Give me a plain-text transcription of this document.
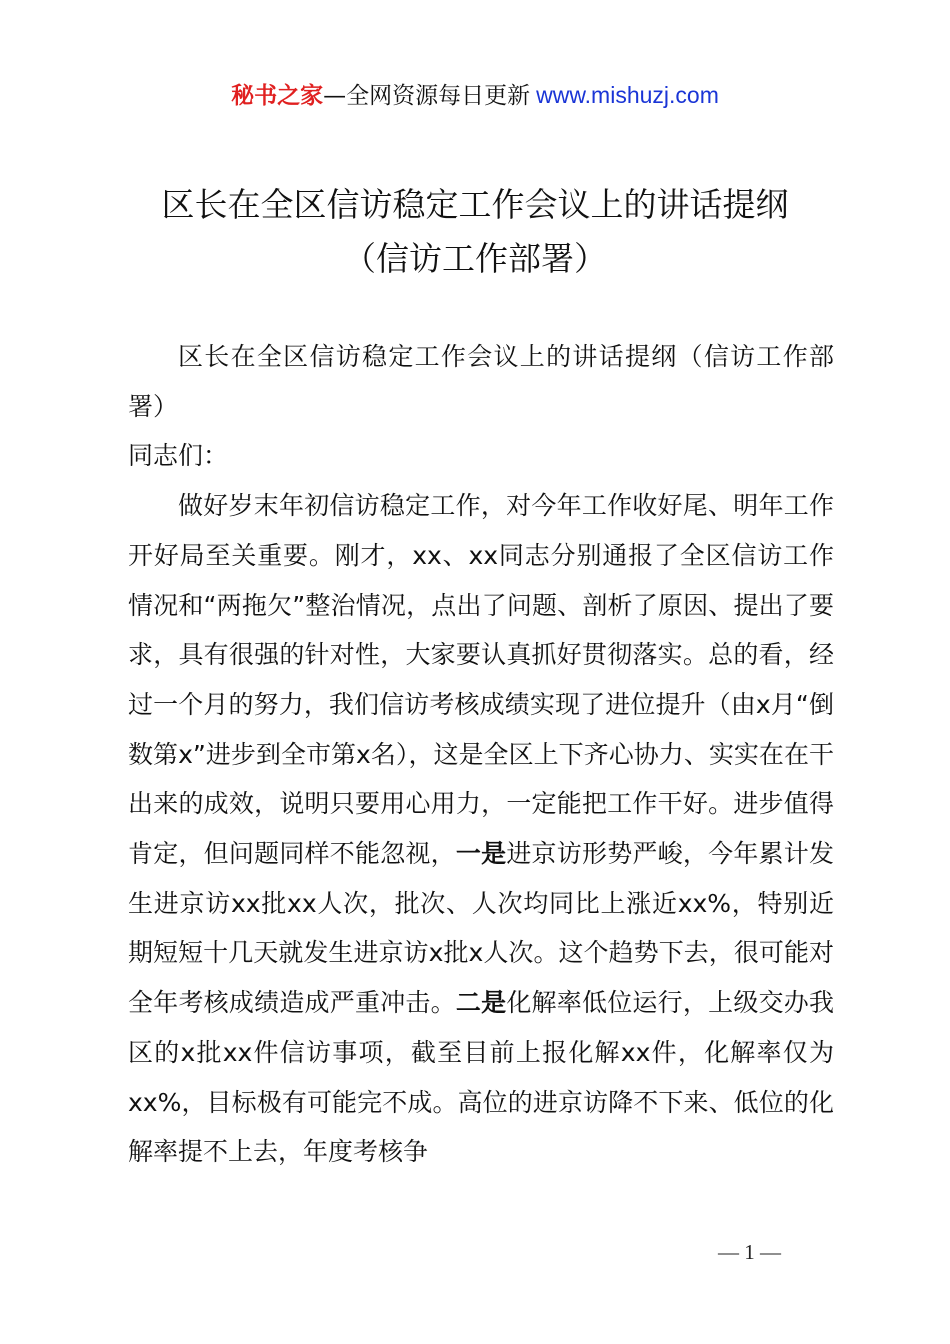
秘书之家—全网资源每日更新 www.mishuzj.com
区长在全区信访稳定工作会议上的讲话提纲
（信访工作部署）

区长在全区信访稳定工作会议上的讲话提纲（信访工作部署）

同志们：

做好岁末年初信访稳定工作，对今年工作收好尾、明年工作开好局至关重要。刚才，xx、xx同志分别通报了全区信访工作情况和“两拖欠”整治情况，点出了问题、剖析了原因、提出了要求，具有很强的针对性，大家要认真抓好贯彻落实。总的看，经过一个月的努力，我们信访考核成绩实现了进位提升（由x月“倒数第x”进步到全市第x名），这是全区上下齐心协力、实实在在干出来的成效，说明只要用心用力，一定能把工作干好。进步值得肯定，但问题同样不能忽视，一是进京访形势严峻，今年累计发生进京访xx批xx人次，批次、人次均同比上涨近xx%，特别近期短短十几天就发生进京访x批x人次。这个趋势下去，很可能对全年考核成绩造成严重冲击。二是化解率低位运行，上级交办我区的x批xx件信访事项，截至目前上报化解xx件，化解率仅为xx%，目标极有可能完不成。高位的进京访降不下来、低位的化解率提不上去，年度考核争

— 1 —
